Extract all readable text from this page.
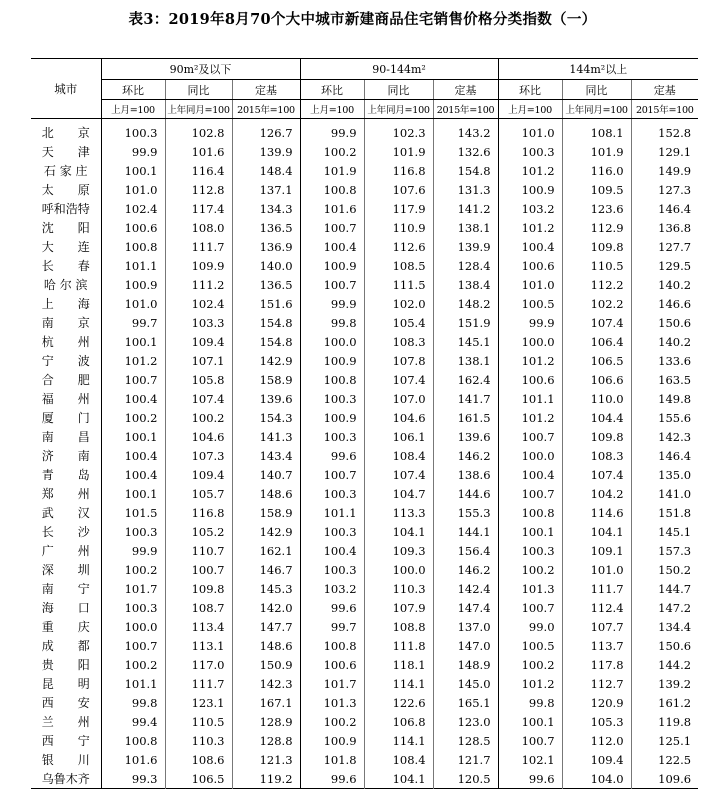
表3：2019年8月70个大中城市新建商品住宅销售价格分类指数（一）
城市	90m²及以下			90-144m²			144m²以上		
	环比	同比	定基	环比	同比	定基	环比	同比	定基
	上月=100	上年同月=100	2015年=100	上月=100	上年同月=100	2015年=100	上月=100	上年同月=100	2015年=100
北　　京	100.3	102.8	126.7	99.9	102.3	143.2	101.0	108.1	152.8
天　　津	99.9	101.6	139.9	100.2	101.9	132.6	100.3	101.9	129.1
石 家 庄	100.1	116.4	148.4	101.9	116.8	154.8	101.2	116.0	149.9
太　　原	101.0	112.8	137.1	100.8	107.6	131.3	100.9	109.5	127.3
呼和浩特	102.4	117.4	134.3	101.6	117.9	141.2	103.2	123.6	146.4
沈　　阳	100.6	108.0	136.5	100.7	110.9	138.1	101.2	112.9	136.8
大　　连	100.8	111.7	136.9	100.4	112.6	139.9	100.4	109.8	127.7
长　　春	101.1	109.9	140.0	100.9	108.5	128.4	100.6	110.5	129.5
哈 尔 滨	100.9	111.2	136.5	100.7	111.5	138.4	101.0	112.2	140.2
上　　海	101.0	102.4	151.6	99.9	102.0	148.2	100.5	102.2	146.6
南　　京	99.7	103.3	154.8	99.8	105.4	151.9	99.9	107.4	150.6
杭　　州	100.1	109.4	154.8	100.0	108.3	145.1	100.0	106.4	140.2
宁　　波	101.2	107.1	142.9	100.9	107.8	138.1	101.2	106.5	133.6
合　　肥	100.7	105.8	158.9	100.8	107.4	162.4	100.6	106.6	163.5
福　　州	100.4	107.4	139.6	100.3	107.0	141.7	101.1	110.0	149.8
厦　　门	100.2	100.2	154.3	100.9	104.6	161.5	101.2	104.4	155.6
南　　昌	100.1	104.6	141.3	100.3	106.1	139.6	100.7	109.8	142.3
济　　南	100.4	107.3	143.4	99.6	108.4	146.2	100.0	108.3	146.4
青　　岛	100.4	109.4	140.7	100.7	107.4	138.6	100.4	107.4	135.0
郑　　州	100.1	105.7	148.6	100.3	104.7	144.6	100.7	104.2	141.0
武　　汉	101.5	116.8	158.9	101.1	113.3	155.3	100.8	114.6	151.8
长　　沙	100.3	105.2	142.9	100.3	104.1	144.1	100.1	104.1	145.1
广　　州	99.9	110.7	162.1	100.4	109.3	156.4	100.3	109.1	157.3
深　　圳	100.2	100.7	146.7	100.3	100.0	146.2	100.2	101.0	150.2
南　　宁	101.7	109.8	145.3	103.2	110.3	142.4	101.3	111.7	144.7
海　　口	100.3	108.7	142.0	99.6	107.9	147.4	100.7	112.4	147.2
重　　庆	100.0	113.4	147.7	99.7	108.8	137.0	99.0	107.7	134.4
成　　都	100.7	113.1	148.6	100.8	111.8	147.0	100.5	113.7	150.6
贵　　阳	100.2	117.0	150.9	100.6	118.1	148.9	100.2	117.8	144.2
昆　　明	101.1	111.7	142.3	101.7	114.1	145.0	101.2	112.7	139.2
西　　安	99.8	123.1	167.1	101.3	122.6	165.1	99.8	120.9	161.2
兰　　州	99.4	110.5	128.9	100.2	106.8	123.0	100.1	105.3	119.8
西　　宁	100.8	110.3	128.8	100.9	114.1	128.5	100.7	112.0	125.1
银　　川	101.6	108.6	121.3	101.8	108.4	121.7	102.1	109.4	122.5
乌鲁木齐	99.3	106.5	119.2	99.6	104.1	120.5	99.6	104.0	109.6
